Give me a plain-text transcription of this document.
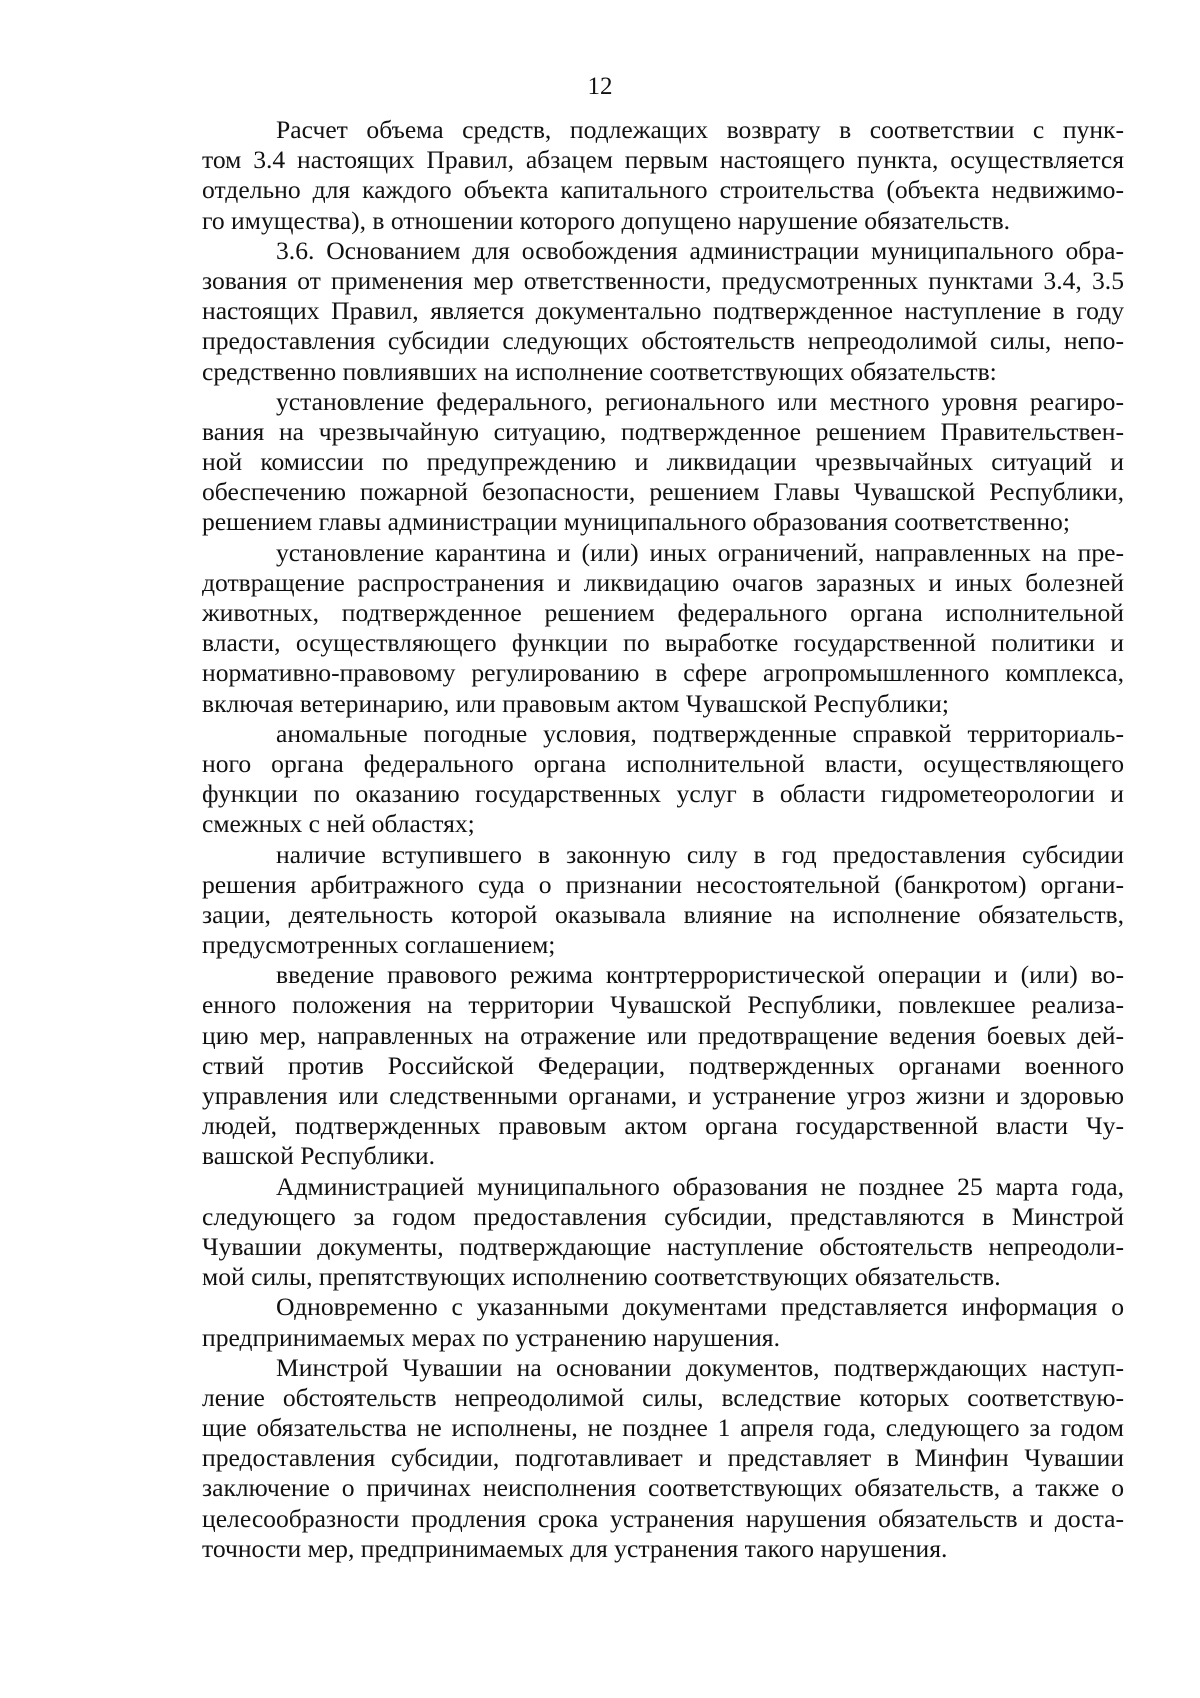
12
Расчет объема средств, подлежащих возврату в соответствии с пунк-
том 3.4 настоящих Правил, абзацем первым настоящего пункта, осуществляется
отдельно для каждого объекта капитального строительства (объекта недвижимо-
го имущества), в отношении которого допущено нарушение обязательств.
3.6. Основанием для освобождения администрации муниципального обра-
зования от применения мер ответственности, предусмотренных пунктами 3.4, 3.5
настоящих Правил, является документально подтвержденное наступление в году
предоставления субсидии следующих обстоятельств непреодолимой силы, непо-
средственно повлиявших на исполнение соответствующих обязательств:
установление федерального, регионального или местного уровня реагиро-
вания на чрезвычайную ситуацию, подтвержденное решением Правительствен-
ной комиссии по предупреждению и ликвидации чрезвычайных ситуаций и
обеспечению пожарной безопасности, решением Главы Чувашской Республики,
решением главы администрации муниципального образования соответственно;
установление карантина и (или) иных ограничений, направленных на пре-
дотвращение распространения и ликвидацию очагов заразных и иных болезней
животных, подтвержденное решением федерального органа исполнительной
власти, осуществляющего функции по выработке государственной политики и
нормативно-правовому регулированию в сфере агропромышленного комплекса,
включая ветеринарию, или правовым актом Чувашской Республики;
аномальные погодные условия, подтвержденные справкой территориаль-
ного органа федерального органа исполнительной власти, осуществляющего
функции по оказанию государственных услуг в области гидрометеорологии и
смежных с ней областях;
наличие вступившего в законную силу в год предоставления субсидии
решения арбитражного суда о признании несостоятельной (банкротом) органи-
зации, деятельность которой оказывала влияние на исполнение обязательств,
предусмотренных соглашением;
введение правового режима контртеррористической операции и (или) во-
енного положения на территории Чувашской Республики, повлекшее реализа-
цию мер, направленных на отражение или предотвращение ведения боевых дей-
ствий против Российской Федерации, подтвержденных органами военного
управления или следственными органами, и устранение угроз жизни и здоровью
людей, подтвержденных правовым актом органа государственной власти Чу-
вашской Республики.
Администрацией муниципального образования не позднее 25 марта года,
следующего за годом предоставления субсидии, представляются в Минстрой
Чувашии документы, подтверждающие наступление обстоятельств непреодоли-
мой силы, препятствующих исполнению соответствующих обязательств.
Одновременно с указанными документами представляется информация о
предпринимаемых мерах по устранению нарушения.
Минстрой Чувашии на основании документов, подтверждающих наступ-
ление обстоятельств непреодолимой силы, вследствие которых соответствую-
щие обязательства не исполнены, не позднее 1 апреля года, следующего за годом
предоставления субсидии, подготавливает и представляет в Минфин Чувашии
заключение о причинах неисполнения соответствующих обязательств, а также о
целесообразности продления срока устранения нарушения обязательств и доста-
точности мер, предпринимаемых для устранения такого нарушения.
